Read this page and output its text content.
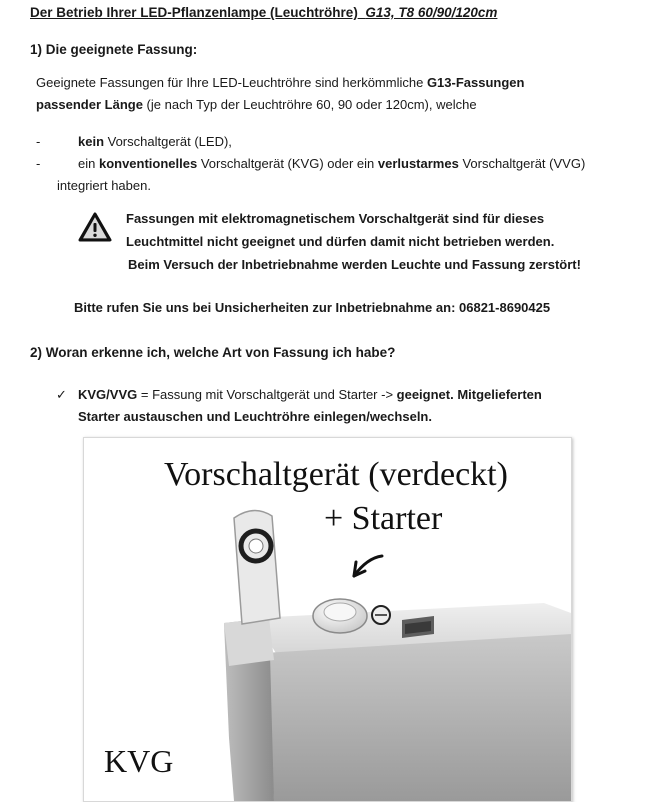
Der Betrieb Ihrer LED-Pflanzenlampe (Leuchtröhre) G13, T8 60/90/120cm
1) Die geeignete Fassung:
Geeignete Fassungen für Ihre LED-Leuchtröhre sind herkömmliche G13-Fassungen
passender Länge (je nach Typ der Leuchtröhre 60, 90 oder 120cm), welche
-	kein Vorschaltgerät (LED),
-	ein konventionelles Vorschaltgerät (KVG) oder ein verlustarmes Vorschaltgerät (VVG)
integriert haben.
Fassungen mit elektromagnetischem Vorschaltgerät sind für dieses
Leuchtmittel nicht geeignet und dürfen damit nicht betrieben werden.
Beim Versuch der Inbetriebnahme werden Leuchte und Fassung zerstört!
Bitte rufen Sie uns bei Unsicherheiten zur Inbetriebnahme an: 06821-8690425
2) Woran erkenne ich, welche Art von Fassung ich habe?
✓ KVG/VVG = Fassung mit Vorschaltgerät und Starter -> geeignet. Mitgelieferten
Starter austauschen und Leuchtröhre einlegen/wechseln.
Vorschaltgerät (verdeckt)
+ Starter
KVG
